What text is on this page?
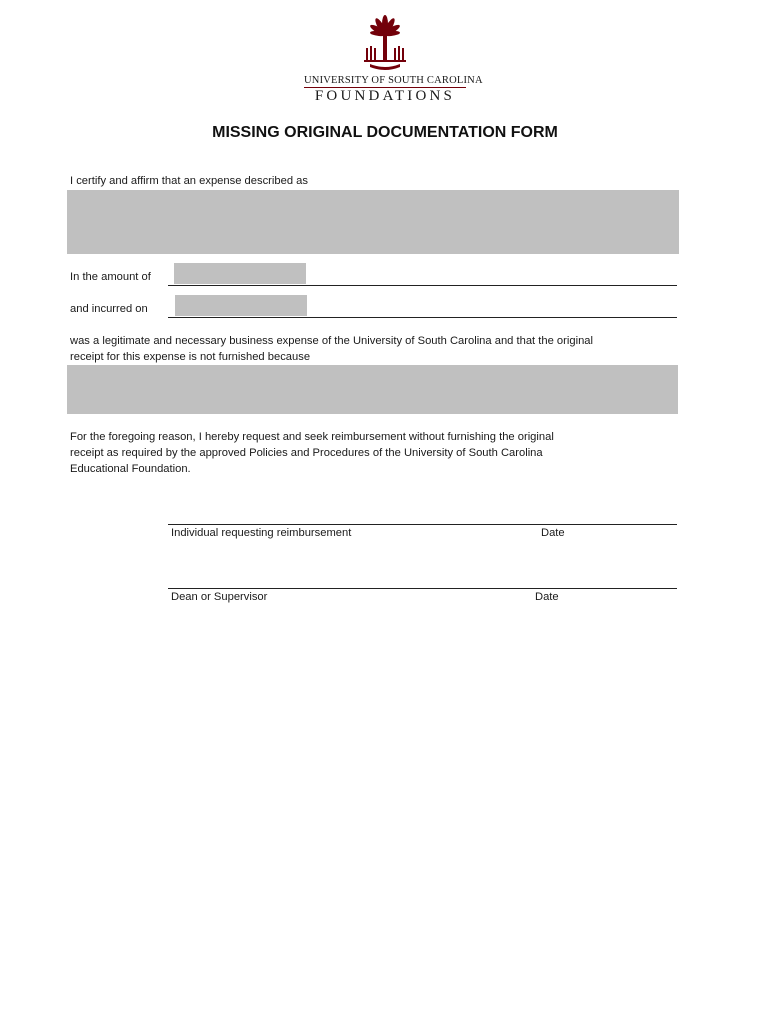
UNIVERSITY OF SOUTH CAROLINA
FOUNDATIONS
MISSING ORIGINAL DOCUMENTATION FORM
I certify and affirm that an expense described as
In the amount of
and incurred on
was a legitimate and necessary business expense of the University of South Carolina and that the original
receipt for this expense is not furnished because
For the foregoing reason, I hereby request and seek reimbursement without furnishing the original
receipt as required by the approved Policies and Procedures of the University of South Carolina
Educational Foundation.
Individual requesting reimbursement	Date
Dean or Supervisor	Date
